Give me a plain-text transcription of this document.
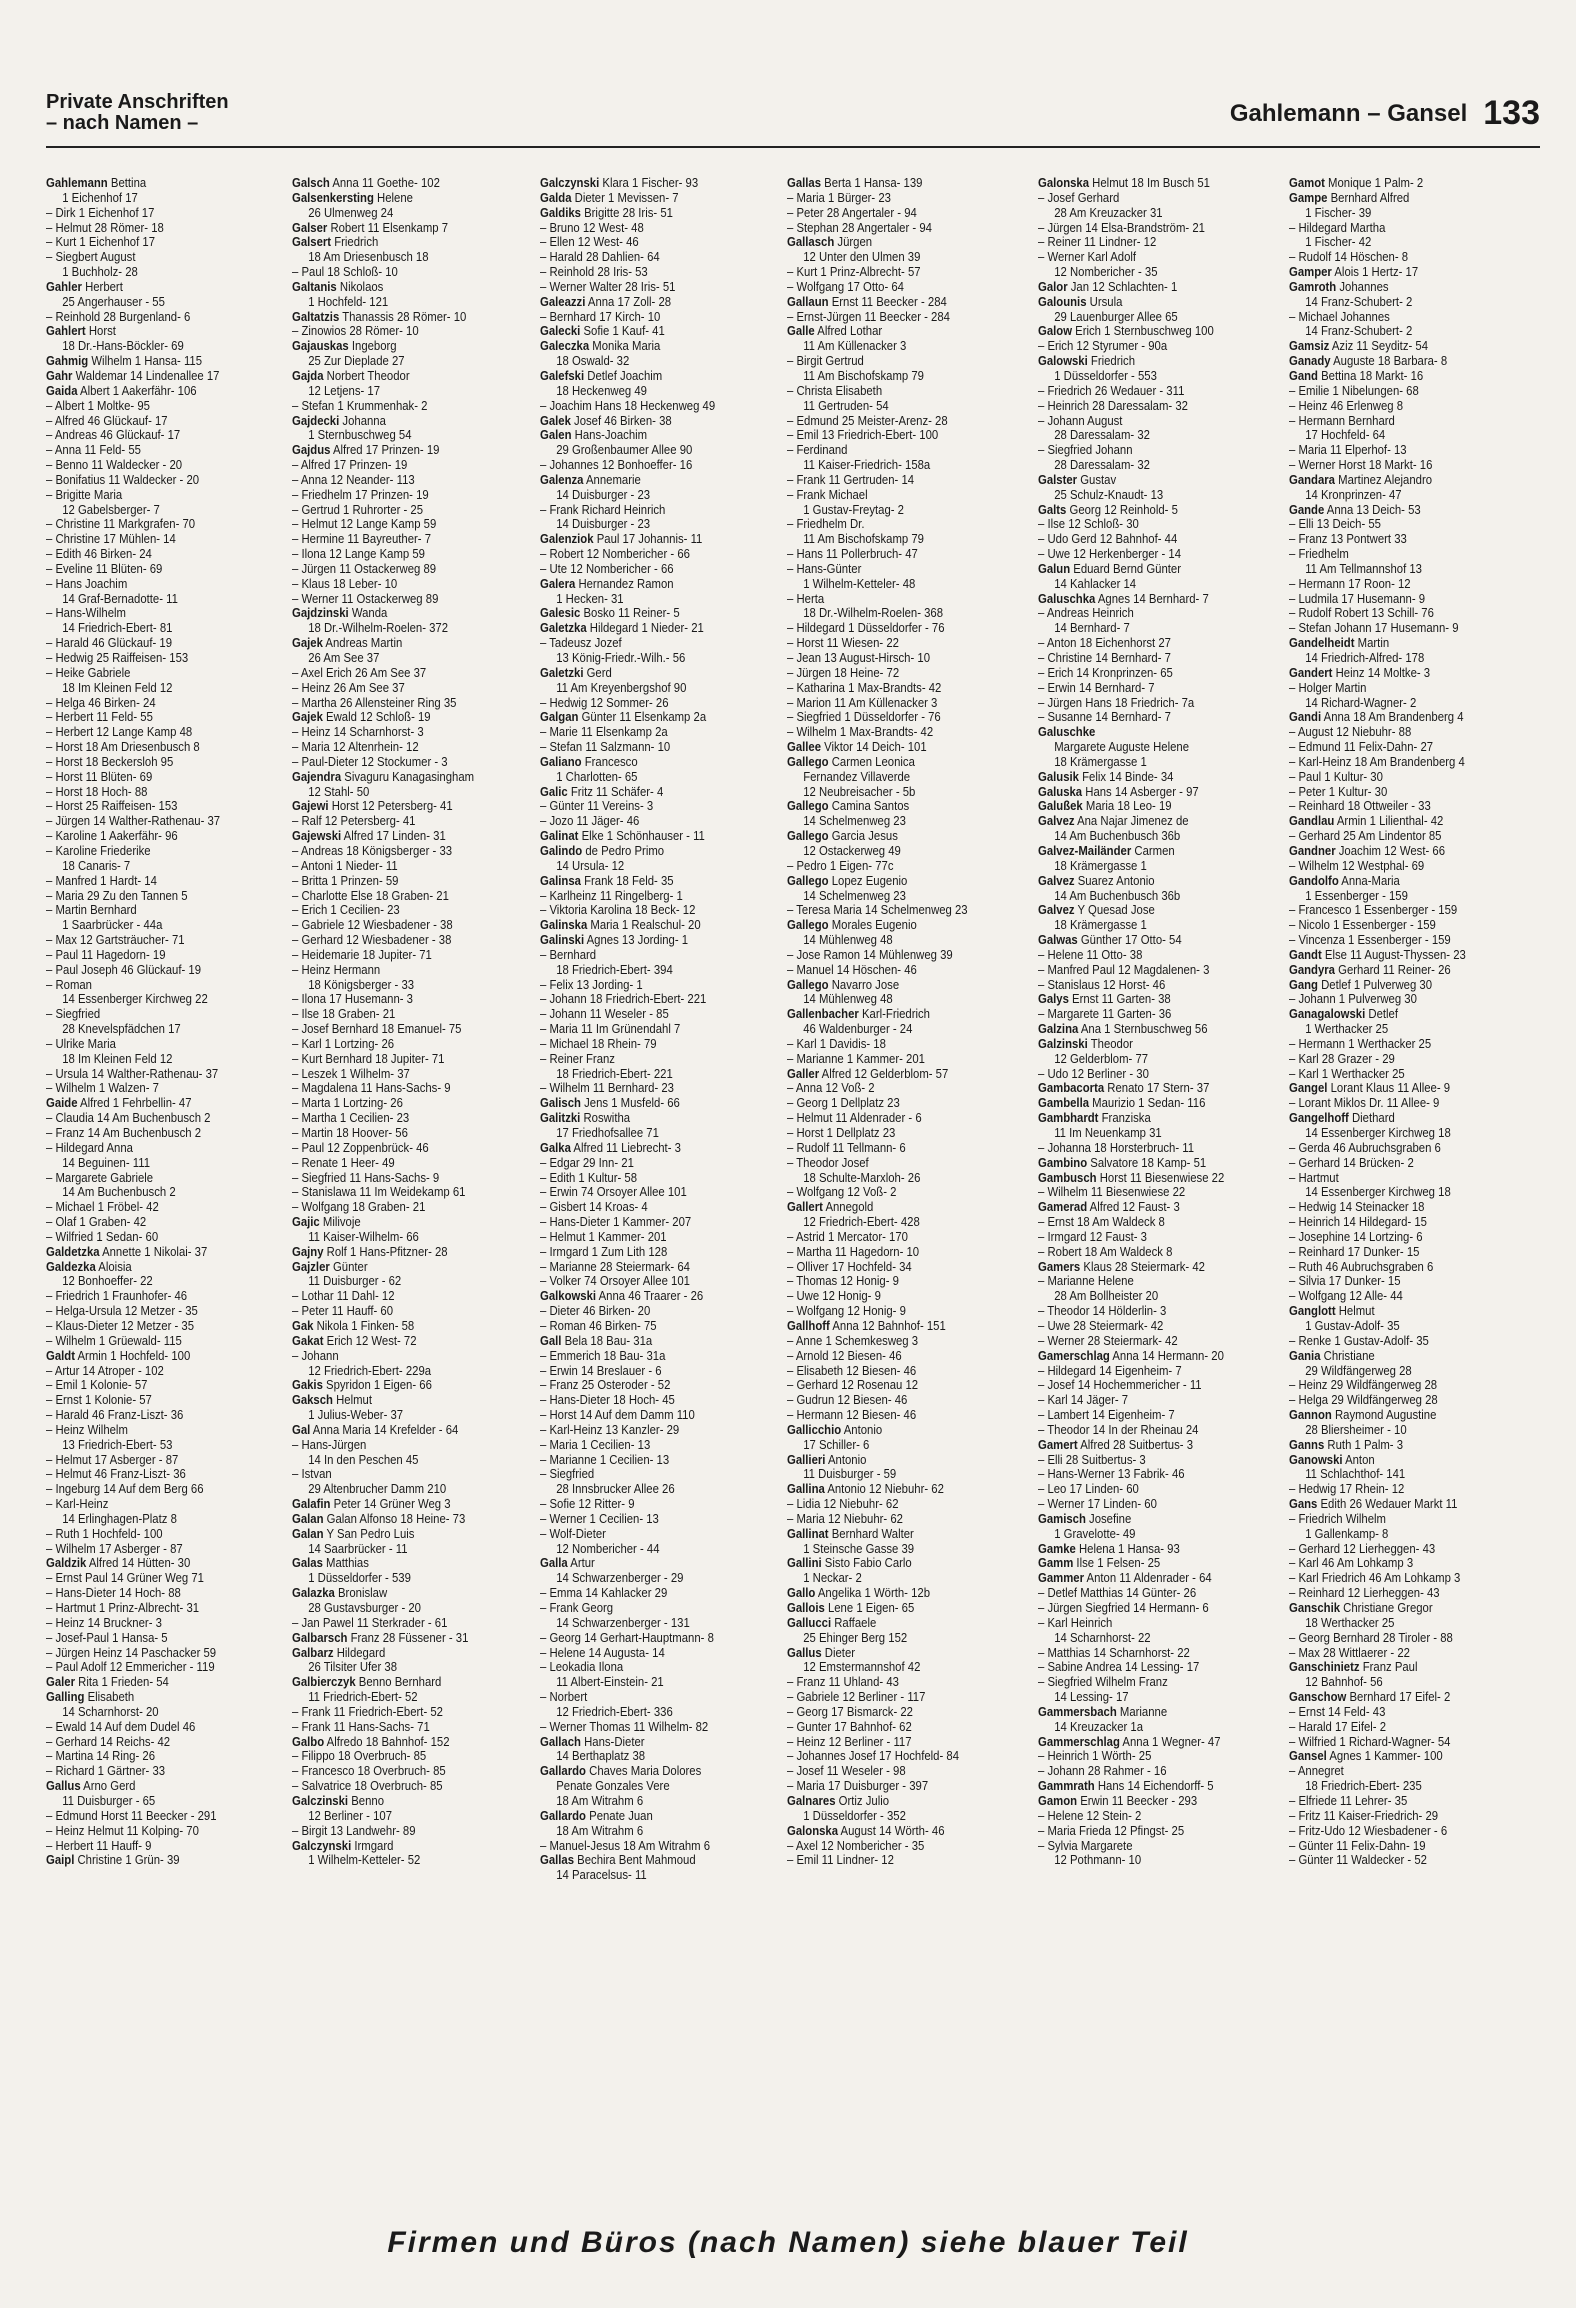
Private Anschriften
– nach Namen –	Gahlemann – Gansel 133
Gahlemann Bettina
1 Eichenhof 17
– Dirk 1 Eichenhof 17
– Helmut 28 Römer- 18
– Kurt 1 Eichenhof 17
– Siegbert August
1 Buchholz- 28
Gahler Herbert
25 Angerhauser - 55
– Reinhold 28 Burgenland- 6
Gahlert Horst
18 Dr.-Hans-Böckler- 69
Gahmig Wilhelm 1 Hansa- 115
Gahr Waldemar 14 Lindenallee 17
Gaida Albert 1 Aakerfähr- 106
– Albert 1 Moltke- 95
– Alfred 46 Glückauf- 17
– Andreas 46 Glückauf- 17
– Anna 11 Feld- 55
– Benno 11 Waldecker - 20
– Bonifatius 11 Waldecker - 20
– Brigitte Maria
12 Gabelsberger- 7
– Christine 11 Markgrafen- 70
– Christine 17 Mühlen- 14
– Edith 46 Birken- 24
– Eveline 11 Blüten- 69
– Hans Joachim
14 Graf-Bernadotte- 11
– Hans-Wilhelm
14 Friedrich-Ebert- 81
– Harald 46 Glückauf- 19
– Hedwig 25 Raiffeisen- 153
– Heike Gabriele
18 Im Kleinen Feld 12
– Helga 46 Birken- 24
– Herbert 11 Feld- 55
– Herbert 12 Lange Kamp 48
– Horst 18 Am Driesenbusch 8
– Horst 18 Beckersloh 95
– Horst 11 Blüten- 69
– Horst 18 Hoch- 88
– Horst 25 Raiffeisen- 153
– Jürgen 14 Walther-Rathenau- 37
– Karoline 1 Aakerfähr- 96
– Karoline Friederike
18 Canaris- 7
– Manfred 1 Hardt- 14
– Maria 29 Zu den Tannen 5
– Martin Bernhard
1 Saarbrücker - 44a
– Max 12 Gartsträucher- 71
– Paul 11 Hagedorn- 19
– Paul Joseph 46 Glückauf- 19
– Roman
14 Essenberger Kirchweg 22
– Siegfried
28 Knevelspfädchen 17
– Ulrike Maria
18 Im Kleinen Feld 12
– Ursula 14 Walther-Rathenau- 37
– Wilhelm 1 Walzen- 7
Gaide Alfred 1 Fehrbellin- 47
– Claudia 14 Am Buchenbusch 2
– Franz 14 Am Buchenbusch 2
– Hildegard Anna
14 Beguinen- 111
– Margarete Gabriele
14 Am Buchenbusch 2
– Michael 1 Fröbel- 42
– Olaf 1 Graben- 42
– Wilfried 1 Sedan- 60
Galdetzka Annette 1 Nikolai- 37
Galdezka Aloisia
12 Bonhoeffer- 22
– Friedrich 1 Fraunhofer- 46
– Helga-Ursula 12 Metzer - 35
– Klaus-Dieter 12 Metzer - 35
– Wilhelm 1 Grüewald- 115
Galdt Armin 1 Hochfeld- 100
– Artur 14 Atroper - 102
– Emil 1 Kolonie- 57
– Ernst 1 Kolonie- 57
– Harald 46 Franz-Liszt- 36
– Heinz Wilhelm
13 Friedrich-Ebert- 53
– Helmut 17 Asberger - 87
– Helmut 46 Franz-Liszt- 36
– Ingeburg 14 Auf dem Berg 66
– Karl-Heinz
14 Erlinghagen-Platz 8
– Ruth 1 Hochfeld- 100
– Wilhelm 17 Asberger - 87
Galdzik Alfred 14 Hütten- 30
– Ernst Paul 14 Grüner Weg 71
– Hans-Dieter 14 Hoch- 88
– Hartmut 1 Prinz-Albrecht- 31
– Heinz 14 Bruckner- 3
– Josef-Paul 1 Hansa- 5
– Jürgen Heinz 14 Paschacker 59
– Paul Adolf 12 Emmericher - 119
Galer Rita 1 Frieden- 54
Galling Elisabeth
14 Scharnhorst- 20
– Ewald 14 Auf dem Dudel 46
– Gerhard 14 Reichs- 42
– Martina 14 Ring- 26
– Richard 1 Gärtner- 33
Gallus Arno Gerd
11 Duisburger - 65
– Edmund Horst 11 Beecker - 291
– Heinz Helmut 11 Kolping- 70
– Herbert 11 Hauff- 9
Gaipl Christine 1 Grün- 39
Galsch Anna 11 Goethe- 102
Galsenkersting Helene
26 Ulmenweg 24
Galser Robert 11 Elsenkamp 7
Galsert Friedrich
18 Am Driesenbusch 18
– Paul 18 Schloß- 10
Galtanis Nikolaos
1 Hochfeld- 121
Galtatzis Thanassis 28 Römer- 10
– Zinowios 28 Römer- 10
Gajauskas Ingeborg
25 Zur Dieplade 27
Gajda Norbert Theodor
12 Letjens- 17
– Stefan 1 Krummenhak- 2
Gajdecki Johanna
1 Sternbuschweg 54
Gajdus Alfred 17 Prinzen- 19
– Alfred 17 Prinzen- 19
– Anna 12 Neander- 113
– Friedhelm 17 Prinzen- 19
– Gertrud 1 Ruhrorter - 25
– Helmut 12 Lange Kamp 59
– Hermine 11 Bayreuther- 7
– Ilona 12 Lange Kamp 59
– Jürgen 11 Ostackerweg 89
– Klaus 18 Leber- 10
– Werner 11 Ostackerweg 89
Gajdzinski Wanda
18 Dr.-Wilhelm-Roelen- 372
Gajek Andreas Martin
26 Am See 37
– Axel Erich 26 Am See 37
– Heinz 26 Am See 37
– Martha 26 Allensteiner Ring 35
Gajek Ewald 12 Schloß- 19
– Heinz 14 Scharnhorst- 3
– Maria 12 Altenrhein- 12
– Paul-Dieter 12 Stockumer - 3
Gajendra Sivaguru Kanagasingham
12 Stahl- 50
Gajewi Horst 12 Petersberg- 41
– Ralf 12 Petersberg- 41
Gajewski Alfred 17 Linden- 31
– Andreas 18 Königsberger - 33
– Antoni 1 Nieder- 11
– Britta 1 Prinzen- 59
– Charlotte Else 18 Graben- 21
– Erich 1 Cecilien- 23
– Gabriele 12 Wiesbadener - 38
– Gerhard 12 Wiesbadener - 38
– Heidemarie 18 Jupiter- 71
– Heinz Hermann
18 Königsberger - 33
– Ilona 17 Husemann- 3
– Ilse 18 Graben- 21
– Josef Bernhard 18 Emanuel- 75
– Karl 1 Lortzing- 26
– Kurt Bernhard 18 Jupiter- 71
– Leszek 1 Wilhelm- 37
– Magdalena 11 Hans-Sachs- 9
– Marta 1 Lortzing- 26
– Martha 1 Cecilien- 23
– Martin 18 Hoover- 56
– Paul 12 Zoppenbrück- 46
– Renate 1 Heer- 49
– Siegfried 11 Hans-Sachs- 9
– Stanislawa 11 Im Weidekamp 61
– Wolfgang 18 Graben- 21
Gajic Milivoje
11 Kaiser-Wilhelm- 66
Gajny Rolf 1 Hans-Pfitzner- 28
Gajzler Günter
11 Duisburger - 62
– Lothar 11 Dahl- 12
– Peter 11 Hauff- 60
Gak Nikola 1 Finken- 58
Gakat Erich 12 West- 72
– Johann
12 Friedrich-Ebert- 229a
Gakis Spyridon 1 Eigen- 66
Gaksch Helmut
1 Julius-Weber- 37
Gal Anna Maria 14 Krefelder - 64
– Hans-Jürgen
14 In den Peschen 45
– Istvan
29 Altenbrucher Damm 210
Galafin Peter 14 Grüner Weg 3
Galan Galan Alfonso 18 Heine- 73
Galan Y San Pedro Luis
14 Saarbrücker - 11
Galas Matthias
1 Düsseldorfer - 539
Galazka Bronislaw
28 Gustavsburger - 20
– Jan Pawel 11 Sterkrader - 61
Galbarsch Franz 28 Füssener - 31
Galbarz Hildegard
26 Tilsiter Ufer 38
Galbierczyk Benno Bernhard
11 Friedrich-Ebert- 52
– Frank 11 Friedrich-Ebert- 52
– Frank 11 Hans-Sachs- 71
Galbo Alfredo 18 Bahnhof- 152
– Filippo 18 Overbruch- 85
– Francesco 18 Overbruch- 85
– Salvatrice 18 Overbruch- 85
Galczinski Benno
12 Berliner - 107
– Birgit 13 Landwehr- 89
Galczynski Irmgard
1 Wilhelm-Ketteler- 52
Galczynski Klara 1 Fischer- 93
Galda Dieter 1 Mevissen- 7
Galdiks Brigitte 28 Iris- 51
– Bruno 12 West- 48
– Ellen 12 West- 46
– Harald 28 Dahlien- 64
– Reinhold 28 Iris- 53
– Werner Walter 28 Iris- 51
Galeazzi Anna 17 Zoll- 28
– Bernhard 17 Kirch- 10
Galecki Sofie 1 Kauf- 41
Galeczka Monika Maria
18 Oswald- 32
Galefski Detlef Joachim
18 Heckenweg 49
– Joachim Hans 18 Heckenweg 49
Galek Josef 46 Birken- 38
Galen Hans-Joachim
29 Großenbaumer Allee 90
– Johannes 12 Bonhoeffer- 16
Galenza Annemarie
14 Duisburger - 23
– Frank Richard Heinrich
14 Duisburger - 23
Galenziok Paul 17 Johannis- 11
– Robert 12 Nombericher - 66
– Ute 12 Nombericher - 66
Galera Hernandez Ramon
1 Hecken- 31
Galesic Bosko 11 Reiner- 5
Galetzka Hildegard 1 Nieder- 21
– Tadeusz Jozef
13 König-Friedr.-Wilh.- 56
Galetzki Gerd
11 Am Kreyenbergshof 90
– Hedwig 12 Sommer- 26
Galgan Günter 11 Elsenkamp 2a
– Marie 11 Elsenkamp 2a
– Stefan 11 Salzmann- 10
Galiano Francesco
1 Charlotten- 65
Galic Fritz 11 Schäfer- 4
– Günter 11 Vereins- 3
– Jozo 11 Jäger- 46
Galinat Elke 1 Schönhauser - 11
Galindo de Pedro Primo
14 Ursula- 12
Galinsa Frank 18 Feld- 35
– Karlheinz 11 Ringelberg- 1
– Viktoria Karolina 18 Beck- 12
Galinska Maria 1 Realschul- 20
Galinski Agnes 13 Jording- 1
– Bernhard
18 Friedrich-Ebert- 394
– Felix 13 Jording- 1
– Johann 18 Friedrich-Ebert- 221
– Johann 11 Weseler - 85
– Maria 11 Im Grünendahl 7
– Michael 18 Rhein- 79
– Reiner Franz
18 Friedrich-Ebert- 221
– Wilhelm 11 Bernhard- 23
Galisch Jens 1 Musfeld- 66
Galitzki Roswitha
17 Friedhofsallee 71
Galka Alfred 11 Liebrecht- 3
– Edgar 29 Inn- 21
– Edith 1 Kultur- 58
– Erwin 74 Orsoyer Allee 101
– Gisbert 14 Kroas- 4
– Hans-Dieter 1 Kammer- 207
– Helmut 1 Kammer- 201
– Irmgard 1 Zum Lith 128
– Marianne 28 Steiermark- 64
– Volker 74 Orsoyer Allee 101
Galkowski Anna 46 Traarer - 26
– Dieter 46 Birken- 20
– Roman 46 Birken- 75
Gall Bela 18 Bau- 31a
– Emmerich 18 Bau- 31a
– Erwin 14 Breslauer - 6
– Franz 25 Osteroder - 52
– Hans-Dieter 18 Hoch- 45
– Horst 14 Auf dem Damm 110
– Karl-Heinz 13 Kanzler- 29
– Maria 1 Cecilien- 13
– Marianne 1 Cecilien- 13
– Siegfried
28 Innsbrucker Allee 26
– Sofie 12 Ritter- 9
– Werner 1 Cecilien- 13
– Wolf-Dieter
12 Nombericher - 44
Galla Artur
14 Schwarzenberger - 29
– Emma 14 Kahlacker 29
– Frank Georg
14 Schwarzenberger - 131
– Georg 14 Gerhart-Hauptmann- 8
– Helene 14 Augusta- 14
– Leokadia Ilona
11 Albert-Einstein- 21
– Norbert
12 Friedrich-Ebert- 336
– Werner Thomas 11 Wilhelm- 82
Gallach Hans-Dieter
14 Berthaplatz 38
Gallardo Chaves Maria Dolores
Penate Gonzales Vere
18 Am Witrahm 6
Gallardo Penate Juan
18 Am Witrahm 6
– Manuel-Jesus 18 Am Witrahm 6
Gallas Bechira Bent Mahmoud
14 Paracelsus- 11
Gallas Berta 1 Hansa- 139
– Maria 1 Bürger- 23
– Peter 28 Angertaler - 94
– Stephan 28 Angertaler - 94
Gallasch Jürgen
12 Unter den Ulmen 39
– Kurt 1 Prinz-Albrecht- 57
– Wolfgang 17 Otto- 64
Gallaun Ernst 11 Beecker - 284
– Ernst-Jürgen 11 Beecker - 284
Galle Alfred Lothar
11 Am Küllenacker 3
– Birgit Gertrud
11 Am Bischofskamp 79
– Christa Elisabeth
11 Gertruden- 54
– Edmund 25 Meister-Arenz- 28
– Emil 13 Friedrich-Ebert- 100
– Ferdinand
11 Kaiser-Friedrich- 158a
– Frank 11 Gertruden- 14
– Frank Michael
1 Gustav-Freytag- 2
– Friedhelm Dr.
11 Am Bischofskamp 79
– Hans 11 Pollerbruch- 47
– Hans-Günter
1 Wilhelm-Ketteler- 48
– Herta
18 Dr.-Wilhelm-Roelen- 368
– Hildegard 1 Düsseldorfer - 76
– Horst 11 Wiesen- 22
– Jean 13 August-Hirsch- 10
– Jürgen 18 Heine- 72
– Katharina 1 Max-Brandts- 42
– Marion 11 Am Küllenacker 3
– Siegfried 1 Düsseldorfer - 76
– Wilhelm 1 Max-Brandts- 42
Gallee Viktor 14 Deich- 101
Gallego Carmen Leonica
Fernandez Villaverde
12 Neubreisacher - 5b
Gallego Camina Santos
14 Schelmenweg 23
Gallego Garcia Jesus
12 Ostackerweg 49
– Pedro 1 Eigen- 77c
Gallego Lopez Eugenio
14 Schelmenweg 23
– Teresa Maria 14 Schelmenweg 23
Gallego Morales Eugenio
14 Mühlenweg 48
– Jose Ramon 14 Mühlenweg 39
– Manuel 14 Höschen- 46
Gallego Navarro Jose
14 Mühlenweg 48
Gallenbacher Karl-Friedrich
46 Waldenburger - 24
– Karl 1 Davidis- 18
– Marianne 1 Kammer- 201
Galler Alfred 12 Gelderblom- 57
– Anna 12 Voß- 2
– Georg 1 Dellplatz 23
– Helmut 11 Aldenrader - 6
– Horst 1 Dellplatz 23
– Rudolf 11 Tellmann- 6
– Theodor Josef
18 Schulte-Marxloh- 26
– Wolfgang 12 Voß- 2
Gallert Annegold
12 Friedrich-Ebert- 428
– Astrid 1 Mercator- 170
– Martha 11 Hagedorn- 10
– Olliver 17 Hochfeld- 34
– Thomas 12 Honig- 9
– Uwe 12 Honig- 9
– Wolfgang 12 Honig- 9
Gallhoff Anna 12 Bahnhof- 151
– Anne 1 Schemkesweg 3
– Arnold 12 Biesen- 46
– Elisabeth 12 Biesen- 46
– Gerhard 12 Rosenau 12
– Gudrun 12 Biesen- 46
– Hermann 12 Biesen- 46
Gallicchio Antonio
17 Schiller- 6
Gallieri Antonio
11 Duisburger - 59
Gallina Antonio 12 Niebuhr- 62
– Lidia 12 Niebuhr- 62
– Maria 12 Niebuhr- 62
Gallinat Bernhard Walter
1 Steinsche Gasse 39
Gallini Sisto Fabio Carlo
1 Neckar- 2
Gallo Angelika 1 Wörth- 12b
Gallois Lene 1 Eigen- 65
Gallucci Raffaele
25 Ehinger Berg 152
Gallus Dieter
12 Emstermannshof 42
– Franz 11 Uhland- 43
– Gabriele 12 Berliner - 117
– Georg 17 Bismarck- 22
– Gunter 17 Bahnhof- 62
– Heinz 12 Berliner - 117
– Johannes Josef 17 Hochfeld- 84
– Josef 11 Weseler - 98
– Maria 17 Duisburger - 397
Galnares Ortiz Julio
1 Düsseldorfer - 352
Galonska August 14 Wörth- 46
– Axel 12 Nombericher - 35
– Emil 11 Lindner- 12
Galonska Helmut 18 Im Busch 51
– Josef Gerhard
28 Am Kreuzacker 31
– Jürgen 14 Elsa-Brandström- 21
– Reiner 11 Lindner- 12
– Werner Karl Adolf
12 Nombericher - 35
Galor Jan 12 Schlachten- 1
Galounis Ursula
29 Lauenburger Allee 65
Galow Erich 1 Sternbuschweg 100
– Erich 12 Styrumer - 90a
Galowski Friedrich
1 Düsseldorfer - 553
– Friedrich 26 Wedauer - 311
– Heinrich 28 Daressalam- 32
– Johann August
28 Daressalam- 32
– Siegfried Johann
28 Daressalam- 32
Galster Gustav
25 Schulz-Knaudt- 13
Galts Georg 12 Reinhold- 5
– Ilse 12 Schloß- 30
– Udo Gerd 12 Bahnhof- 44
– Uwe 12 Herkenberger - 14
Galun Eduard Bernd Günter
14 Kahlacker 14
Galuschka Agnes 14 Bernhard- 7
– Andreas Heinrich
14 Bernhard- 7
– Anton 18 Eichenhorst 27
– Christine 14 Bernhard- 7
– Erich 14 Kronprinzen- 65
– Erwin 14 Bernhard- 7
– Jürgen Hans 18 Friedrich- 7a
– Susanne 14 Bernhard- 7
Galuschke
Margarete Auguste Helene
18 Krämergasse 1
Galusik Felix 14 Binde- 34
Galuska Hans 14 Asberger - 97
Galußek Maria 18 Leo- 19
Galvez Ana Najar Jimenez de
14 Am Buchenbusch 36b
Galvez-Mailänder Carmen
18 Krämergasse 1
Galvez Suarez Antonio
14 Am Buchenbusch 36b
Galvez Y Quesad Jose
18 Krämergasse 1
Galwas Günther 17 Otto- 54
– Helene 11 Otto- 38
– Manfred Paul 12 Magdalenen- 3
– Stanislaus 12 Horst- 46
Galys Ernst 11 Garten- 38
– Margarete 11 Garten- 36
Galzina Ana 1 Sternbuschweg 56
Galzinski Theodor
12 Gelderblom- 77
– Udo 12 Berliner - 30
Gambacorta Renato 17 Stern- 37
Gambella Maurizio 1 Sedan- 116
Gambhardt Franziska
11 Im Neuenkamp 31
– Johanna 18 Horsterbruch- 11
Gambino Salvatore 18 Kamp- 51
Gambusch Horst 11 Biesenwiese 22
– Wilhelm 11 Biesenwiese 22
Gamerad Alfred 12 Faust- 3
– Ernst 18 Am Waldeck 8
– Irmgard 12 Faust- 3
– Robert 18 Am Waldeck 8
Gamers Klaus 28 Steiermark- 42
– Marianne Helene
28 Am Bollheister 20
– Theodor 14 Hölderlin- 3
– Uwe 28 Steiermark- 42
– Werner 28 Steiermark- 42
Gamerschlag Anna 14 Hermann- 20
– Hildegard 14 Eigenheim- 7
– Josef 14 Hochemmericher - 11
– Karl 14 Jäger- 7
– Lambert 14 Eigenheim- 7
– Theodor 14 In der Rheinau 24
Gamert Alfred 28 Suitbertus- 3
– Elli 28 Suitbertus- 3
– Hans-Werner 13 Fabrik- 46
– Leo 17 Linden- 60
– Werner 17 Linden- 60
Gamisch Josefine
1 Gravelotte- 49
Gamke Helena 1 Hansa- 93
Gamm Ilse 1 Felsen- 25
Gammer Anton 11 Aldenrader - 64
– Detlef Matthias 14 Günter- 26
– Jürgen Siegfried 14 Hermann- 6
– Karl Heinrich
14 Scharnhorst- 22
– Matthias 14 Scharnhorst- 22
– Sabine Andrea 14 Lessing- 17
– Siegfried Wilhelm Franz
14 Lessing- 17
Gammersbach Marianne
14 Kreuzacker 1a
Gammerschlag Anna 1 Wegner- 47
– Heinrich 1 Wörth- 25
– Johann 28 Rahmer - 16
Gammrath Hans 14 Eichendorff- 5
Gamon Erwin 11 Beecker - 293
– Helene 12 Stein- 2
– Maria Frieda 12 Pfingst- 25
– Sylvia Margarete
12 Pothmann- 10
Gamot Monique 1 Palm- 2
Gampe Bernhard Alfred
1 Fischer- 39
– Hildegard Martha
1 Fischer- 42
– Rudolf 14 Höschen- 8
Gamper Alois 1 Hertz- 17
Gamroth Johannes
14 Franz-Schubert- 2
– Michael Johannes
14 Franz-Schubert- 2
Gamsiz Aziz 11 Seyditz- 54
Ganady Auguste 18 Barbara- 8
Gand Bettina 18 Markt- 16
– Emilie 1 Nibelungen- 68
– Heinz 46 Erlenweg 8
– Hermann Bernhard
17 Hochfeld- 64
– Maria 11 Elperhof- 13
– Werner Horst 18 Markt- 16
Gandara Martinez Alejandro
14 Kronprinzen- 47
Gande Anna 13 Deich- 53
– Elli 13 Deich- 55
– Franz 13 Pontwert 33
– Friedhelm
11 Am Tellmannshof 13
– Hermann 17 Roon- 12
– Ludmila 17 Husemann- 9
– Rudolf Robert 13 Schill- 76
– Stefan Johann 17 Husemann- 9
Gandelheidt Martin
14 Friedrich-Alfred- 178
Gandert Heinz 14 Moltke- 3
– Holger Martin
14 Richard-Wagner- 2
Gandi Anna 18 Am Brandenberg 4
– August 12 Niebuhr- 88
– Edmund 11 Felix-Dahn- 27
– Karl-Heinz 18 Am Brandenberg 4
– Paul 1 Kultur- 30
– Peter 1 Kultur- 30
– Reinhard 18 Ottweiler - 33
Gandlau Armin 1 Lilienthal- 42
– Gerhard 25 Am Lindentor 85
Gandner Joachim 12 West- 66
– Wilhelm 12 Westphal- 69
Gandolfo Anna-Maria
1 Essenberger - 159
– Francesco 1 Essenberger - 159
– Nicolo 1 Essenberger - 159
– Vincenza 1 Essenberger - 159
Gandt Else 11 August-Thyssen- 23
Gandyra Gerhard 11 Reiner- 26
Gang Detlef 1 Pulverweg 30
– Johann 1 Pulverweg 30
Ganagalowski Detlef
1 Werthacker 25
– Hermann 1 Werthacker 25
– Karl 28 Grazer - 29
– Karl 1 Werthacker 25
Gangel Lorant Klaus 11 Allee- 9
– Lorant Miklos Dr. 11 Allee- 9
Gangelhoff Diethard
14 Essenberger Kirchweg 18
– Gerda 46 Aubruchsgraben 6
– Gerhard 14 Brücken- 2
– Hartmut
14 Essenberger Kirchweg 18
– Hedwig 14 Steinacker 18
– Heinrich 14 Hildegard- 15
– Josephine 14 Lortzing- 6
– Reinhard 17 Dunker- 15
– Ruth 46 Aubruchsgraben 6
– Silvia 17 Dunker- 15
– Wolfgang 12 Alle- 44
Ganglott Helmut
1 Gustav-Adolf- 35
– Renke 1 Gustav-Adolf- 35
Gania Christiane
29 Wildfängerweg 28
– Heinz 29 Wildfängerweg 28
– Helga 29 Wildfängerweg 28
Gannon Raymond Augustine
28 Bliersheimer - 10
Ganns Ruth 1 Palm- 3
Ganowski Anton
11 Schlachthof- 141
– Hedwig 17 Rhein- 12
Gans Edith 26 Wedauer Markt 11
– Friedrich Wilhelm
1 Gallenkamp- 8
– Gerhard 12 Lierheggen- 43
– Karl 46 Am Lohkamp 3
– Karl Friedrich 46 Am Lohkamp 3
– Reinhard 12 Lierheggen- 43
Ganschik Christiane Gregor
18 Werthacker 25
– Georg Bernhard 28 Tiroler - 88
– Max 28 Wittlaerer - 22
Ganschinietz Franz Paul
12 Bahnhof- 56
Ganschow Bernhard 17 Eifel- 2
– Ernst 14 Feld- 43
– Harald 17 Eifel- 2
– Wilfried 1 Richard-Wagner- 54
Gansel Agnes 1 Kammer- 100
– Annegret
18 Friedrich-Ebert- 235
– Elfriede 11 Lehrer- 35
– Fritz 11 Kaiser-Friedrich- 29
– Fritz-Udo 12 Wiesbadener - 6
– Günter 11 Felix-Dahn- 19
– Günter 11 Waldecker - 52
Firmen und Büros (nach Namen) siehe blauer Teil
